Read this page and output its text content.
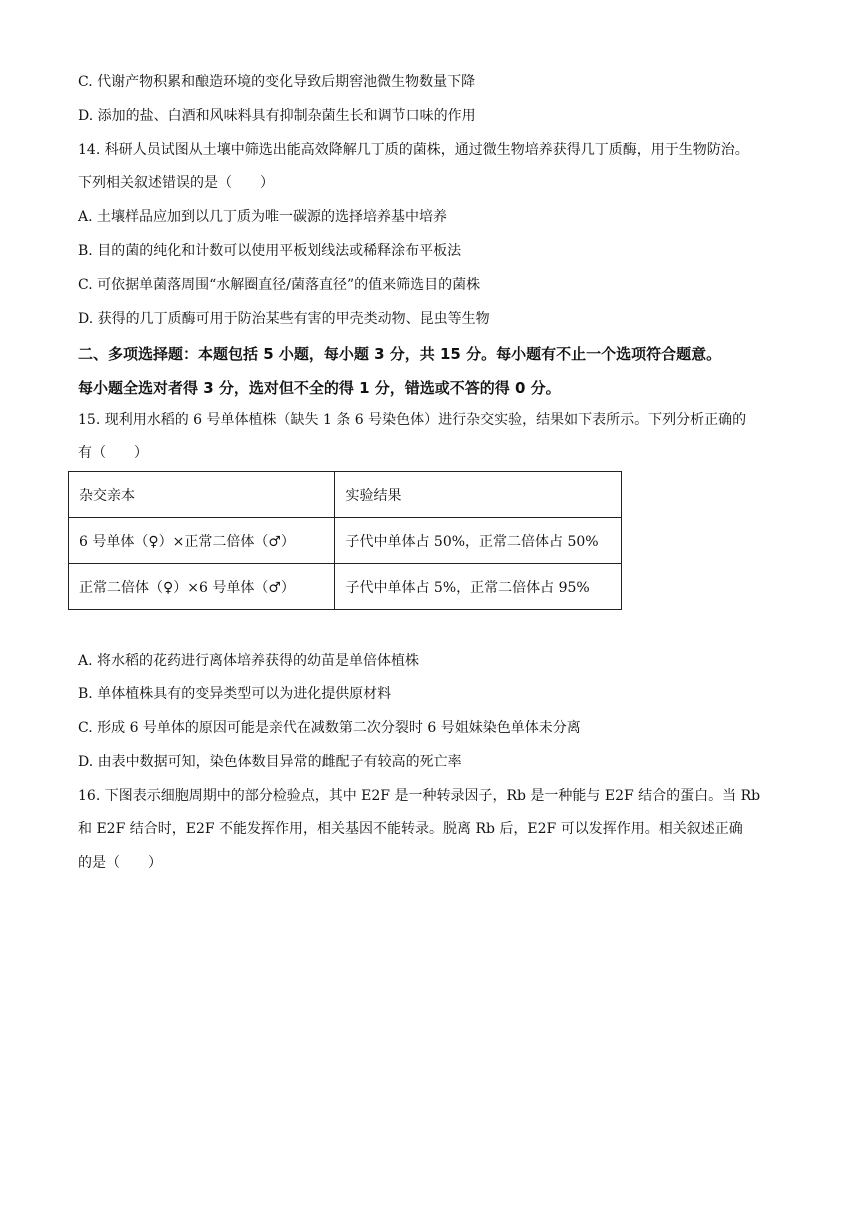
C. 代谢产物积累和酿造环境的变化导致后期窖池微生物数量下降
D. 添加的盐、白酒和风味料具有抑制杂菌生长和调节口味的作用
14. 科研人员试图从土壤中筛选出能高效降解几丁质的菌株，通过微生物培养获得几丁质酶，用于生物防治。
下列相关叙述错误的是（　　）
A. 土壤样品应加到以几丁质为唯一碳源的选择培养基中培养
B. 目的菌的纯化和计数可以使用平板划线法或稀释涂布平板法
C. 可依据单菌落周围“水解圈直径/菌落直径”的值来筛选目的菌株
D. 获得的几丁质酶可用于防治某些有害的甲壳类动物、昆虫等生物
二、多项选择题：本题包括 5 小题，每小题 3 分，共 15 分。每小题有不止一个选项符合题意。
每小题全选对者得 3 分，选对但不全的得 1 分，错选或不答的得 0 分。
15. 现利用水稻的 6 号单体植株（缺失 1 条 6 号染色体）进行杂交实验，结果如下表所示。下列分析正确的
有（　　）
杂交亲本	实验结果
6 号单体（♀）×正常二倍体（♂）	子代中单体占 50%，正常二倍体占 50%
正常二倍体（♀）×6 号单体（♂）	子代中单体占 5%，正常二倍体占 95%
A. 将水稻的花药进行离体培养获得的幼苗是单倍体植株
B. 单体植株具有的变异类型可以为进化提供原材料
C. 形成 6 号单体的原因可能是亲代在减数第二次分裂时 6 号姐妹染色单体未分离
D. 由表中数据可知，染色体数目异常的雌配子有较高的死亡率
16. 下图表示细胞周期中的部分检验点，其中 E2F 是一种转录因子，Rb 是一种能与 E2F 结合的蛋白。当 Rb
和 E2F 结合时，E2F 不能发挥作用，相关基因不能转录。脱离 Rb 后，E2F 可以发挥作用。相关叙述正确
的是（　　）
